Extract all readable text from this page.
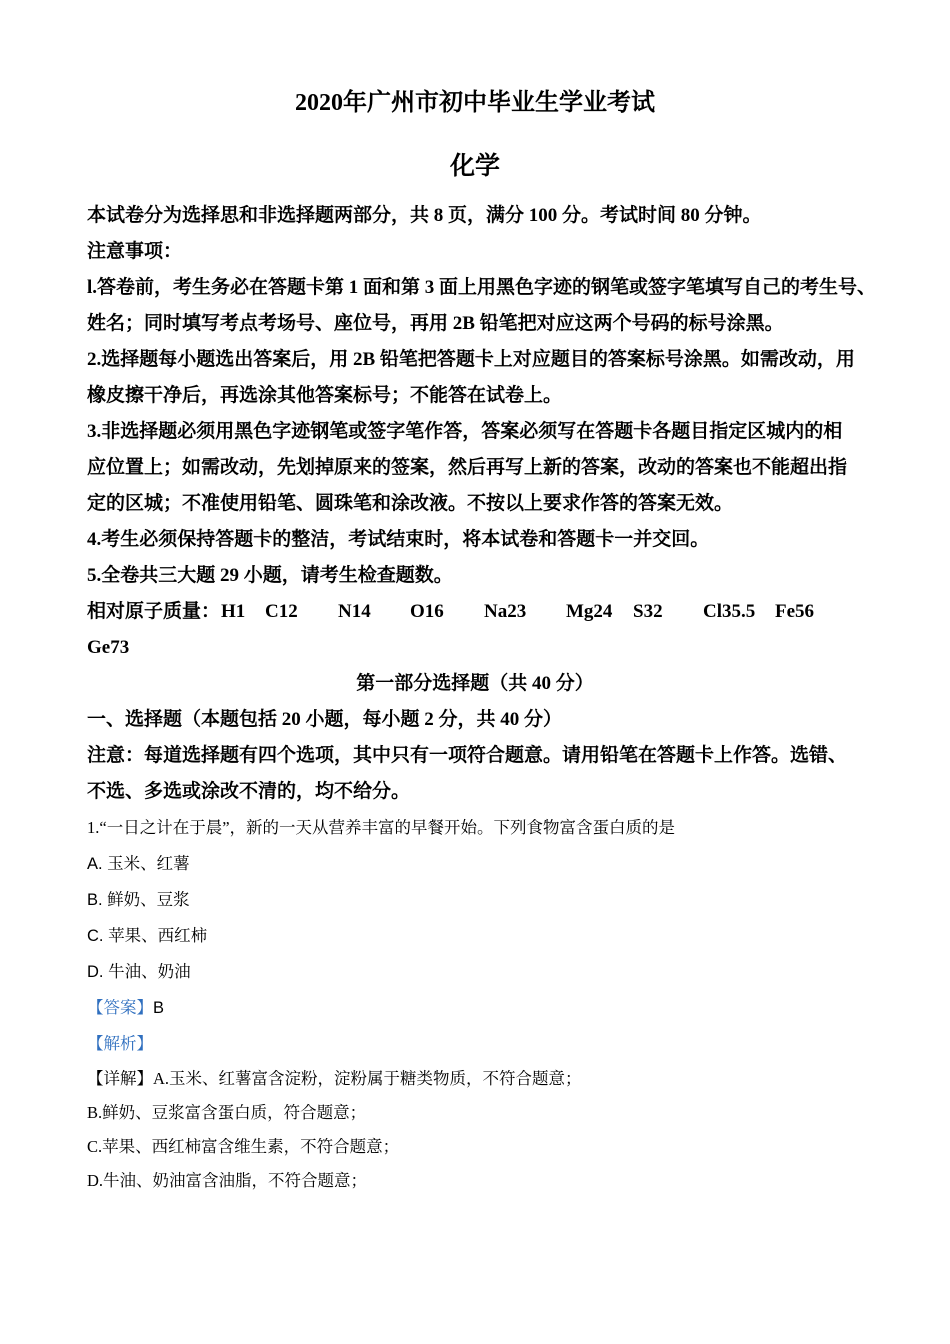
2020年广州市初中毕业生学业考试
化学
本试卷分为选择思和非选择题两部分，共 8 页，满分 100 分。考试时间 80 分钟。
注意事项：
l.答卷前，考生务必在答题卡第 1 面和第 3 面上用黑色字迹的钢笔或签字笔填写自己的考生号、
姓名；同时填写考点考场号、座位号，再用 2B 铅笔把对应这两个号码的标号涂黑。
2.选择题每小题选出答案后，用 2B 铅笔把答题卡上对应题目的答案标号涂黑。如需改动，用
橡皮擦干净后，再选涂其他答案标号；不能答在试卷上。
3.非选择题必须用黑色字迹钢笔或签字笔作答，答案必须写在答题卡各题目指定区城内的相
应位置上；如需改动，先划掉原来的签案，然后再写上新的答案，改动的答案也不能超出指
定的区城；不准使用铅笔、圆珠笔和涂改液。不按以上要求作答的答案无效。
4.考生必须保持答题卡的整洁，考试结束时，将本试卷和答题卡一并交回。
5.全卷共三大题 29 小题，请考生检查题数。
相对原子质量： H1 C12 N14 O16 Na23 Mg24 S32 Cl35.5 Fe56
Ge73
第一部分选择题（共 40 分）
一、选择题（本题包括 20 小题，每小题 2 分，共 40 分）
注意：每道选择题有四个选项，其中只有一项符合题意。请用铅笔在答题卡上作答。选错、
不选、多选或涂改不清的，均不给分。
1.“一日之计在于晨”，新的一天从营养丰富的早餐开始。下列食物富含蛋白质的是
A. 玉米、红薯
B. 鲜奶、豆浆
C. 苹果、西红柿
D. 牛油、奶油
【答案】B
【解析】
【详解】A.玉米、红薯富含淀粉，淀粉属于糖类物质，不符合题意；
B.鲜奶、豆浆富含蛋白质，符合题意；
C.苹果、西红柿富含维生素，不符合题意；
D.牛油、奶油富含油脂，不符合题意；
